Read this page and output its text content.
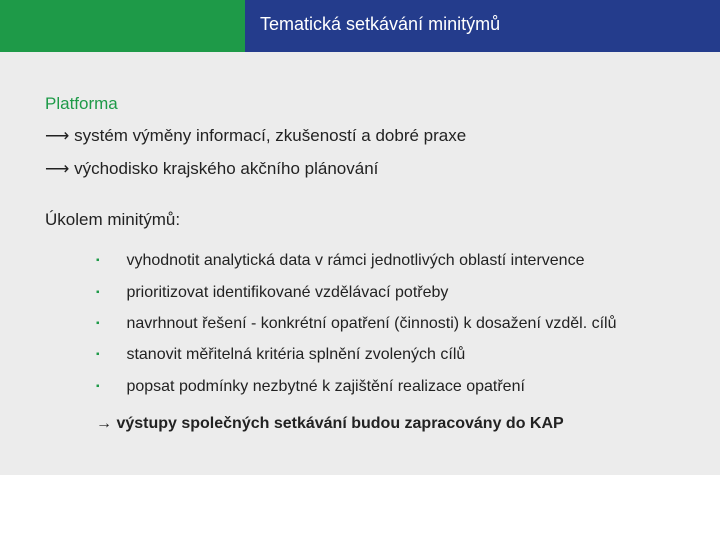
Tematická setkávání minitýmů
Platforma
⟶ systém výměny informací, zkušeností a dobré praxe
⟶ východisko krajského akčního plánování
Úkolem minitýmů:
▪ vyhodnotit analytická data v rámci jednotlivých oblastí intervence
▪ prioritizovat identifikované vzdělávací potřeby
▪ navrhnout řešení - konkrétní opatření (činnosti) k dosažení vzděl. cílů
▪ stanovit měřitelná kritéria splnění zvolených cílů
▪ popsat podmínky nezbytné k zajištění realizace opatření
→ výstupy společných setkávání budou zapracovány do KAP
